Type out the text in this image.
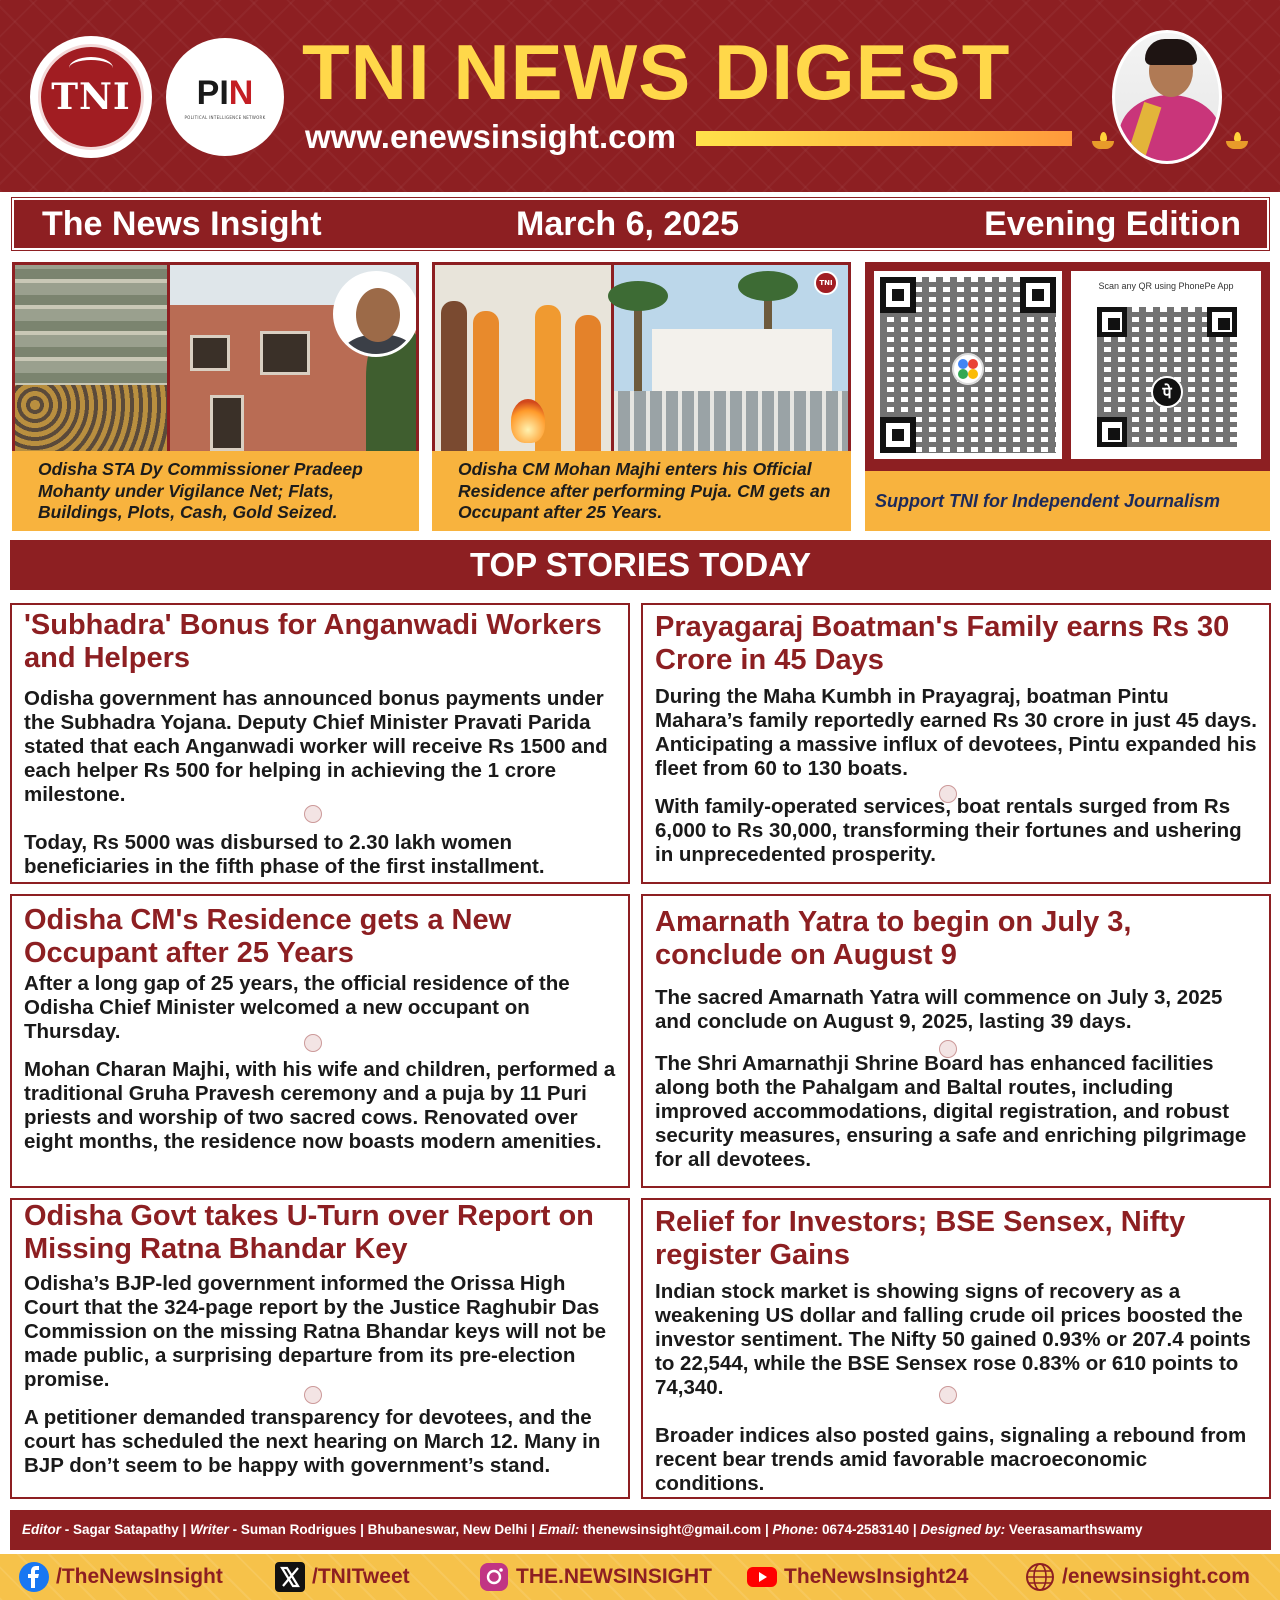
TNI PIN
POLITICAL INTELLIGENCE NETWORK
TNI NEWS DIGEST
www.enewsinsight.com
The News Insight	March 6, 2025	Evening Edition
Odisha STA Dy Commissioner Pradeep Mohanty under Vigilance Net; Flats, Buildings, Plots, Cash, Gold Seized.
TNI
Odisha CM Mohan Majhi enters his Official Residence after performing Puja. CM gets an Occupant after 25 Years.
Scan any QR using PhonePe App
पे
Support TNI for Independent Journalism
TOP STORIES TODAY
'Subhadra' Bonus for Anganwadi Workers and Helpers

Odisha government has announced bonus payments under the Subhadra Yojana. Deputy Chief Minister Pravati Parida stated that each Anganwadi worker will receive Rs 1500 and each helper Rs 500 for helping in achieving the 1 crore milestone.

Today, Rs 5000 was disbursed to 2.30 lakh women beneficiaries in the fifth phase of the first installment.

Prayagaraj Boatman's Family earns Rs 30 Crore in 45 Days

During the Maha Kumbh in Prayagraj, boatman Pintu Mahara’s family reportedly earned Rs 30 crore in just 45 days. Anticipating a massive influx of devotees, Pintu expanded his fleet from 60 to 130 boats.

With family-operated services, boat rentals surged from Rs 6,000 to Rs 30,000, transforming their fortunes and ushering in unprecedented prosperity.

Odisha CM's Residence gets a New Occupant after 25 Years

After a long gap of 25 years, the official residence of the Odisha Chief Minister welcomed a new occupant on Thursday.

Mohan Charan Majhi, with his wife and children, performed a traditional Gruha Pravesh ceremony and a puja by 11 Puri priests and worship of two sacred cows. Renovated over eight months, the residence now boasts modern amenities.

Amarnath Yatra to begin on July 3, conclude on August 9

The sacred Amarnath Yatra will commence on July 3, 2025 and conclude on August 9, 2025, lasting 39 days.

The Shri Amarnathji Shrine Board has enhanced facilities along both the Pahalgam and Baltal routes, including improved accommodations, digital registration, and robust security measures, ensuring a safe and enriching pilgrimage for all devotees.

Odisha Govt takes U-Turn over Report on Missing Ratna Bhandar Key

Odisha’s BJP-led government informed the Orissa High Court that the 324-page report by the Justice Raghubir Das Commission on the missing Ratna Bhandar keys will not be made public, a surprising departure from its pre-election promise.

A petitioner demanded transparency for devotees, and the court has scheduled the next hearing on March 12. Many in BJP don’t seem to be happy with government’s stand.

Relief for Investors; BSE Sensex, Nifty register Gains

Indian stock market is showing signs of recovery as a weakening US dollar and falling crude oil prices boosted the investor sentiment. The Nifty 50 gained 0.93% or 207.4 points to 22,544, while the BSE Sensex rose 0.83% or 610 points to 74,340.

Broader indices also posted gains, signaling a rebound from recent bear trends amid favorable macroeconomic conditions.

Editor - Sagar Satapathy | Writer - Suman Rodrigues | Bhubaneswar, New Delhi | Email: thenewsinsight@gmail.com | Phone: 0674-2583140 | Designed by: Veerasamarthswamy
/TheNewsInsight	/TNITweet	THE.NEWSINSIGHT	TheNewsInsight24	/enewsinsight.com
